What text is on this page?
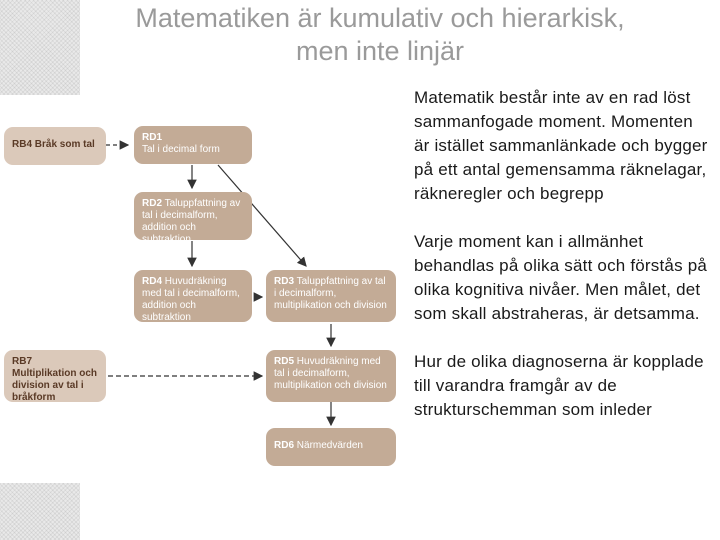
Matematiken är kumulativ och hierarkisk,
men inte linjär
RB4 Bråk som tal
RD1
Tal i decimal form
RD2 Taluppfattning av tal i decimalform, addition och subtraktion
RD4 Huvudräkning med tal i decimalform, addition och subtraktion
RD3 Taluppfattning av tal i decimalform, multiplikation och division
RB7 Multiplikation och division av tal i bråkform
RD5 Huvudräkning med tal i decimalform, multiplikation och division
RD6 Närmedvärden

Matematik består inte av en rad löst
sammanfogade moment. Momenten är istället sammanlänkade och bygger på ett antal gemensamma räknelagar, räkneregler och begrepp

Varje moment kan i allmänhet behandlas på olika sätt och förstås på olika kognitiva nivåer. Men målet, det som skall abstraheras, är detsamma.

Hur de olika diagnoserna är kopplade till varandra framgår av de strukturschemman som inleder
